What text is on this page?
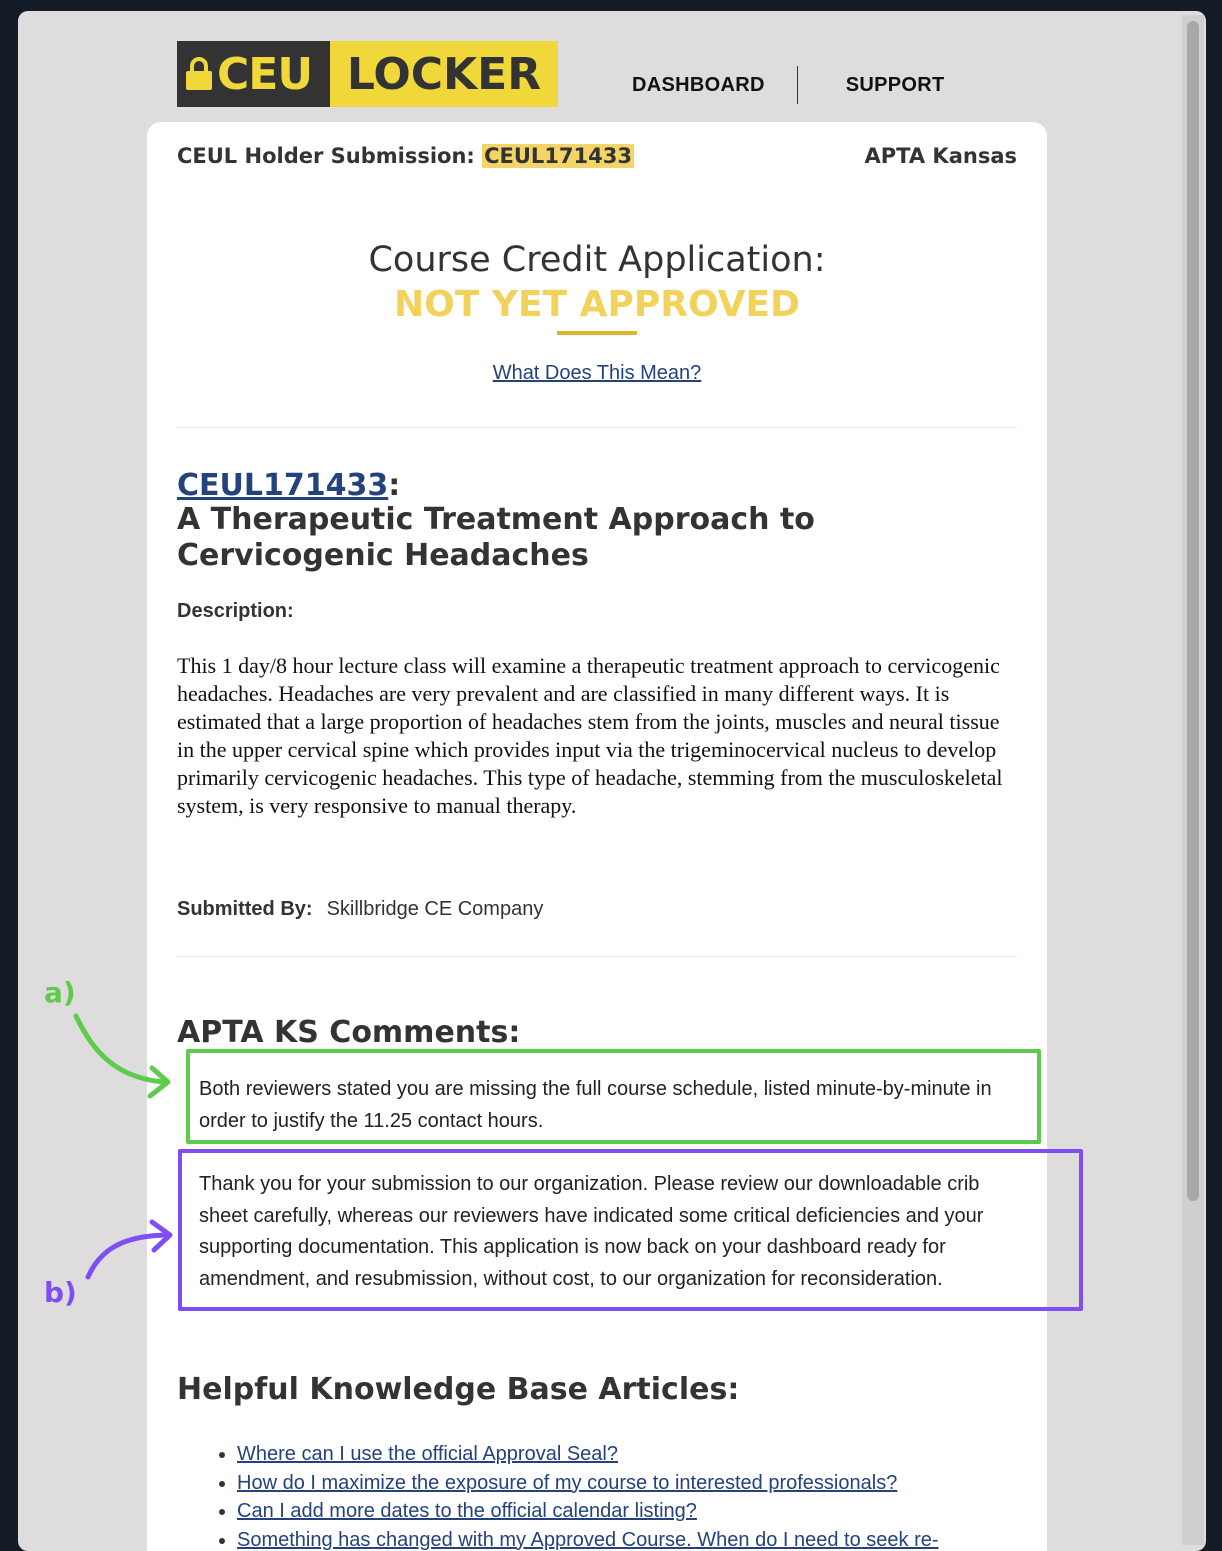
CEU LOCKER	DASHBOARD	SUPPORT
CEUL Holder Submission: CEUL171433	APTA Kansas
Course Credit Application:
NOT YET APPROVED
What Does This Mean?
CEUL171433:
A Therapeutic Treatment Approach to Cervicogenic Headaches
Description:
This 1 day/8 hour lecture class will examine a therapeutic treatment approach to cervicogenic headaches. Headaches are very prevalent and are classified in many different ways. It is estimated that a large proportion of headaches stem from the joints, muscles and neural tissue in the upper cervical spine which provides input via the trigeminocervical nucleus to develop primarily cervicogenic headaches. This type of headache, stemming from the musculoskeletal system, is very responsive to manual therapy.
Submitted By: Skillbridge CE Company
APTA KS Comments:
Both reviewers stated you are missing the full course schedule, listed minute-by-minute in order to justify the 11.25 contact hours.
Thank you for your submission to our organization. Please review our downloadable crib sheet carefully, whereas our reviewers have indicated some critical deficiencies and your supporting documentation. This application is now back on your dashboard ready for amendment, and resubmission, without cost, to our organization for reconsideration.
Helpful Knowledge Base Articles:
• Where can I use the official Approval Seal?
• How do I maximize the exposure of my course to interested professionals?
• Can I add more dates to the official calendar listing?
• Something has changed with my Approved Course. When do I need to seek re-
a)
b)
